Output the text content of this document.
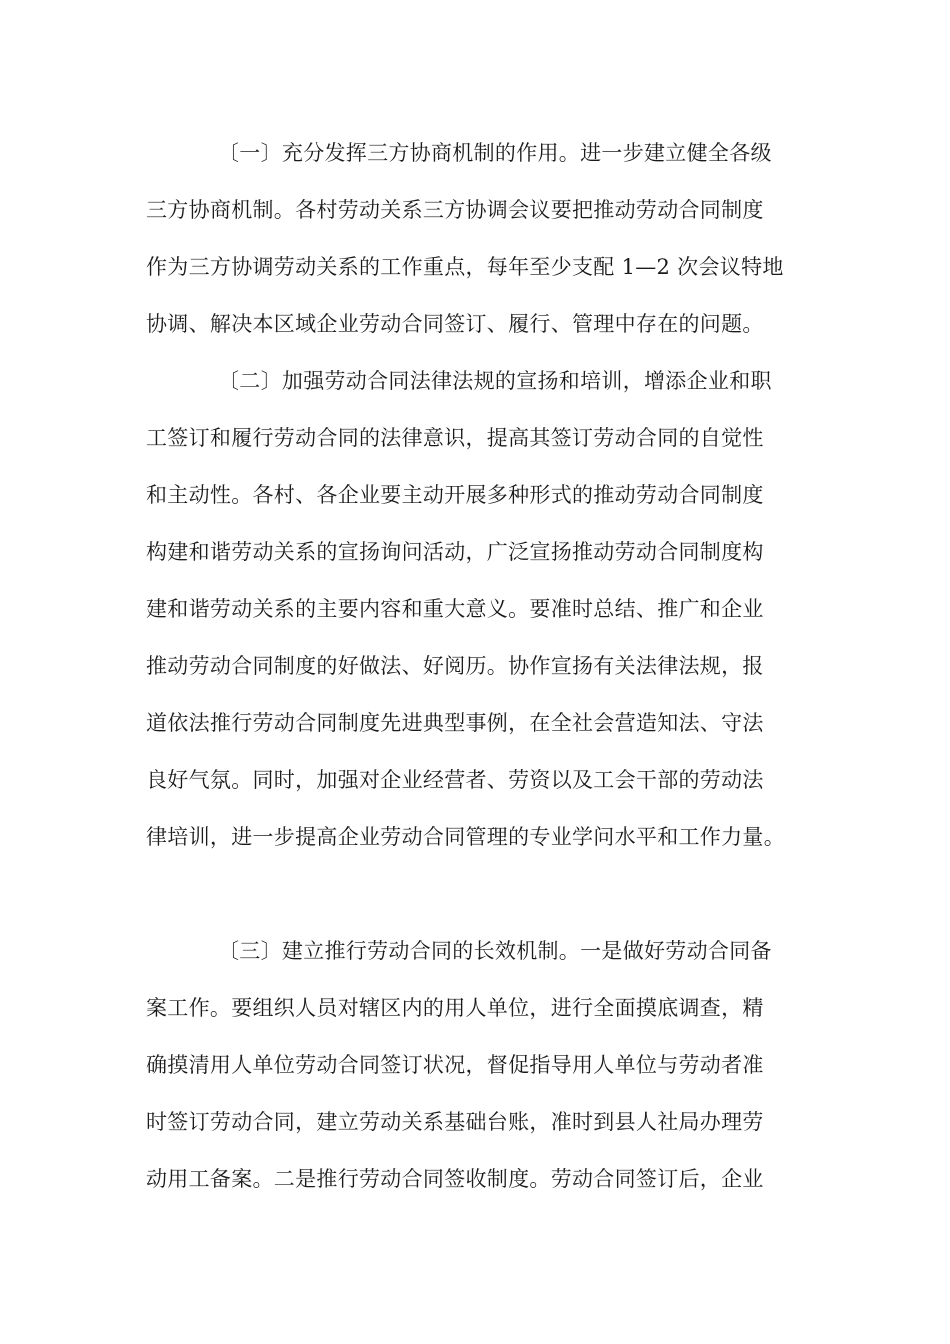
〔一〕充分发挥三方协商机制的作用。进一步建立健全各级
三方协商机制。各村劳动关系三方协调会议要把推动劳动合同制度
作为三方协调劳动关系的工作重点，每年至少支配 1—2 次会议特地
协调、解决本区域企业劳动合同签订、履行、管理中存在的问题。
〔二〕加强劳动合同法律法规的宣扬和培训，增添企业和职
工签订和履行劳动合同的法律意识，提高其签订劳动合同的自觉性
和主动性。各村、各企业要主动开展多种形式的推动劳动合同制度
构建和谐劳动关系的宣扬询问活动，广泛宣扬推动劳动合同制度构
建和谐劳动关系的主要内容和重大意义。要准时总结、推广和企业
推动劳动合同制度的好做法、好阅历。协作宣扬有关法律法规，报
道依法推行劳动合同制度先进典型事例，在全社会营造知法、守法
良好气氛。同时，加强对企业经营者、劳资以及工会干部的劳动法
律培训，进一步提高企业劳动合同管理的专业学问水平和工作力量。
〔三〕建立推行劳动合同的长效机制。一是做好劳动合同备
案工作。要组织人员对辖区内的用人单位，进行全面摸底调查，精
确摸清用人单位劳动合同签订状况，督促指导用人单位与劳动者准
时签订劳动合同，建立劳动关系基础台账，准时到县人社局办理劳
动用工备案。二是推行劳动合同签收制度。劳动合同签订后，企业
